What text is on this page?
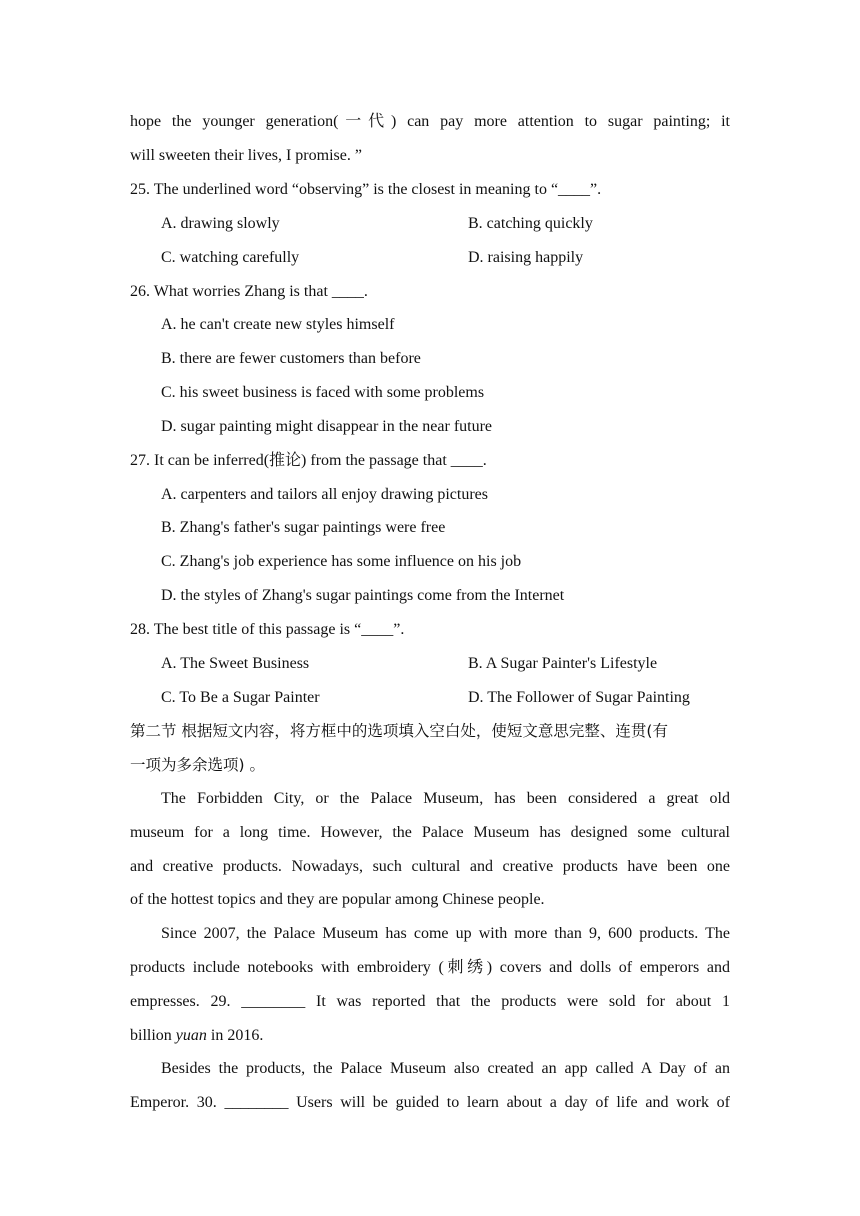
hope the younger generation(一代) can pay more attention to sugar painting; it
will sweeten their lives, I promise. ”
25. The underlined word “observing” is the closest in meaning to “____”.
A. drawing slowly	B. catching quickly
C. watching carefully	D. raising happily
26. What worries Zhang is that ____.
A. he can't create new styles himself
B. there are fewer customers than before
C. his sweet business is faced with some problems
D. sugar painting might disappear in the near future
27. It can be inferred(推论) from the passage that ____.
A. carpenters and tailors all enjoy drawing pictures
B. Zhang's father's sugar paintings were free
C. Zhang's job experience has some influence on his job
D. the styles of Zhang's sugar paintings come from the Internet
28. The best title of this passage is “____”.
A. The Sweet Business	B. A Sugar Painter's Lifestyle
C. To Be a Sugar Painter	D. The Follower of Sugar Painting
第二节 根据短文内容，将方框中的选项填入空白处，使短文意思完整、连贯(有
一项为多余选项) 。
The Forbidden City, or the Palace Museum, has been considered a great old
museum for a long time. However, the Palace Museum has designed some cultural
and creative products. Nowadays, such cultural and creative products have been one
of the hottest topics and they are popular among Chinese people.
Since 2007, the Palace Museum has come up with more than 9, 600 products. The
products include notebooks with embroidery (刺绣) covers and dolls of emperors and
empresses. 29. ________ It was reported that the products were sold for about 1
billion yuan in 2016.
Besides the products, the Palace Museum also created an app called A Day of an
Emperor. 30. ________ Users will be guided to learn about a day of life and work of
